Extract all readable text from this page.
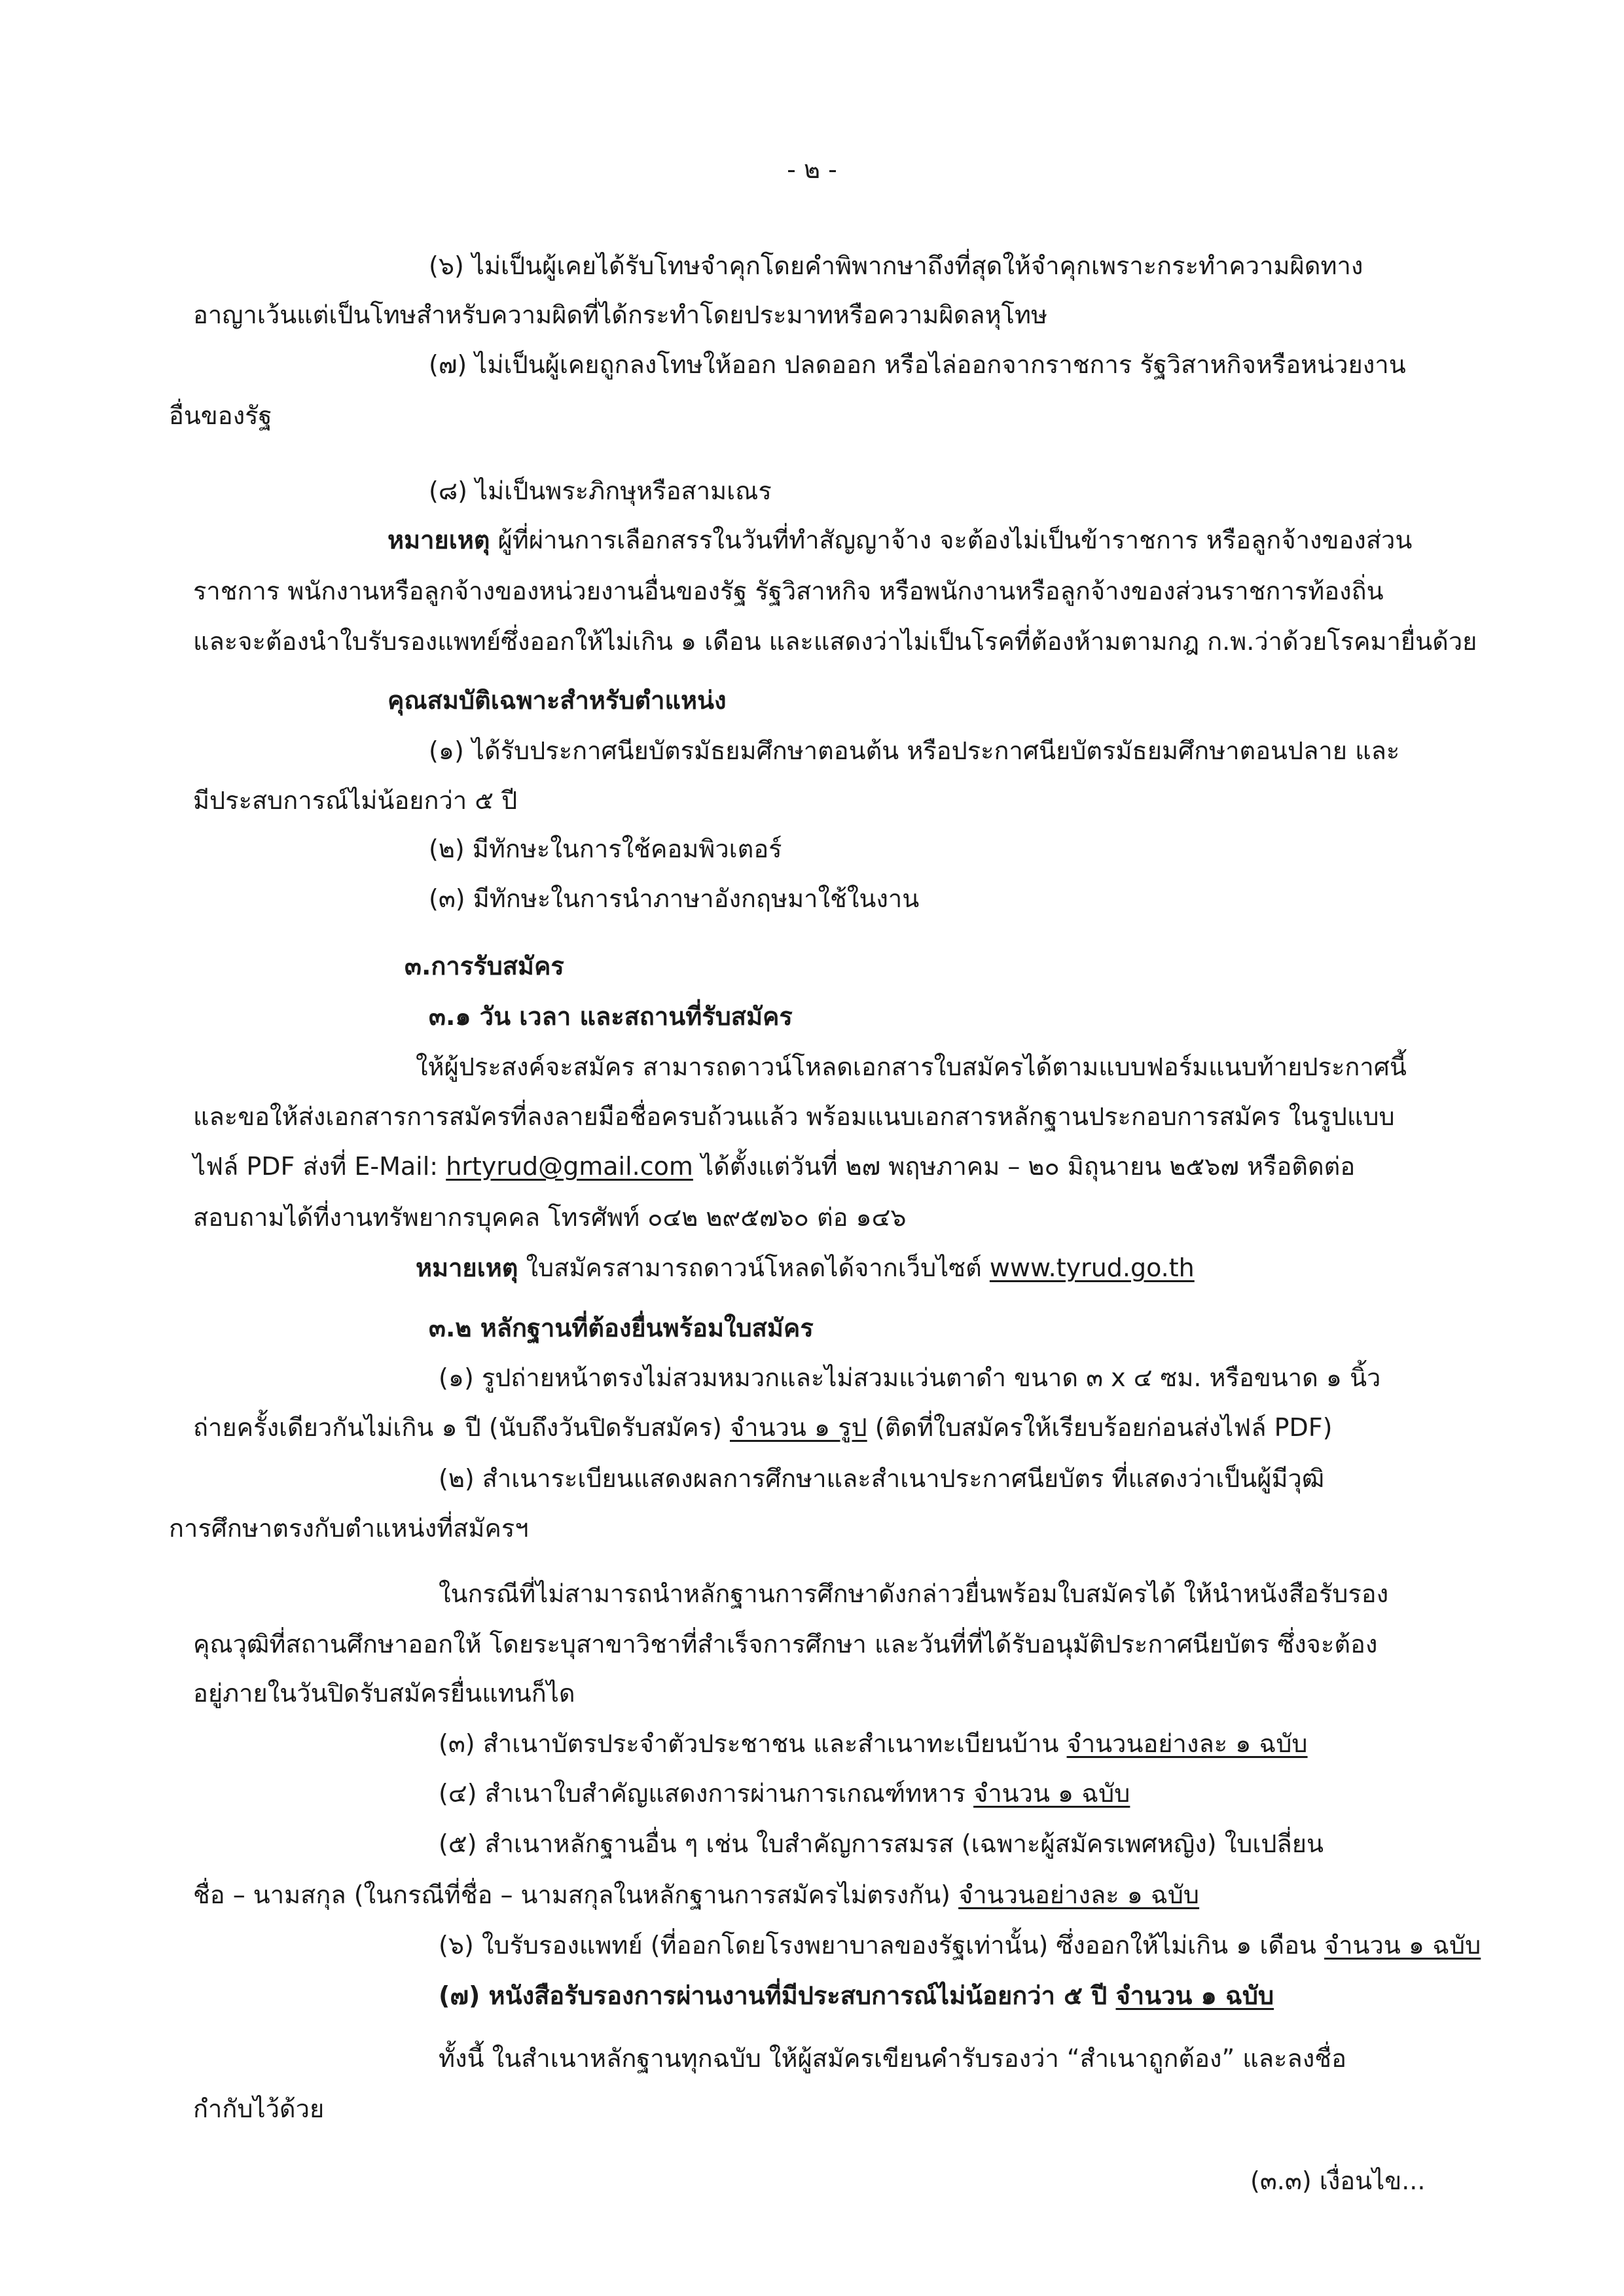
- ๒ -
(๖) ไม่เป็นผู้เคยได้รับโทษจำคุกโดยคำพิพากษาถึงที่สุดให้จำคุกเพราะกระทำความผิดทาง
อาญาเว้นแต่เป็นโทษสำหรับความผิดที่ได้กระทำโดยประมาทหรือความผิดลหุโทษ
(๗) ไม่เป็นผู้เคยถูกลงโทษให้ออก ปลดออก หรือไล่ออกจากราชการ รัฐวิสาหกิจหรือหน่วยงาน
อื่นของรัฐ
(๘) ไม่เป็นพระภิกษุหรือสามเณร
หมายเหตุ ผู้ที่ผ่านการเลือกสรรในวันที่ทำสัญญาจ้าง จะต้องไม่เป็นข้าราชการ หรือลูกจ้างของส่วน
ราชการ พนักงานหรือลูกจ้างของหน่วยงานอื่นของรัฐ รัฐวิสาหกิจ หรือพนักงานหรือลูกจ้างของส่วนราชการท้องถิ่น
และจะต้องนำใบรับรองแพทย์ซึ่งออกให้ไม่เกิน ๑ เดือน และแสดงว่าไม่เป็นโรคที่ต้องห้ามตามกฎ ก.พ.ว่าด้วยโรคมายื่นด้วย
คุณสมบัติเฉพาะสำหรับตำแหน่ง
(๑) ได้รับประกาศนียบัตรมัธยมศึกษาตอนต้น หรือประกาศนียบัตรมัธยมศึกษาตอนปลาย และ
มีประสบการณ์ไม่น้อยกว่า ๕ ปี
(๒) มีทักษะในการใช้คอมพิวเตอร์
(๓) มีทักษะในการนำภาษาอังกฤษมาใช้ในงาน
๓.การรับสมัคร
๓.๑ วัน เวลา และสถานที่รับสมัคร
ให้ผู้ประสงค์จะสมัคร สามารถดาวน์โหลดเอกสารใบสมัครได้ตามแบบฟอร์มแนบท้ายประกาศนี้
และขอให้ส่งเอกสารการสมัครที่ลงลายมือชื่อครบถ้วนแล้ว พร้อมแนบเอกสารหลักฐานประกอบการสมัคร ในรูปแบบ
ไฟล์ PDF ส่งที่ E-Mail: hrtyrud@gmail.com ได้ตั้งแต่วันที่ ๒๗ พฤษภาคม – ๒๐ มิถุนายน ๒๕๖๗ หรือติดต่อ
สอบถามได้ที่งานทรัพยากรบุคคล โทรศัพท์ ๐๔๒ ๒๙๕๗๖๐ ต่อ ๑๔๖
หมายเหตุ ใบสมัครสามารถดาวน์โหลดได้จากเว็บไซต์ www.tyrud.go.th
๓.๒ หลักฐานที่ต้องยื่นพร้อมใบสมัคร
(๑) รูปถ่ายหน้าตรงไม่สวมหมวกและไม่สวมแว่นตาดำ ขนาด ๓ x ๔ ซม. หรือขนาด ๑ นิ้ว
ถ่ายครั้งเดียวกันไม่เกิน ๑ ปี (นับถึงวันปิดรับสมัคร) จำนวน ๑ รูป (ติดที่ใบสมัครให้เรียบร้อยก่อนส่งไฟล์ PDF)
(๒) สำเนาระเบียนแสดงผลการศึกษาและสำเนาประกาศนียบัตร ที่แสดงว่าเป็นผู้มีวุฒิ
การศึกษาตรงกับตำแหน่งที่สมัครฯ
ในกรณีที่ไม่สามารถนำหลักฐานการศึกษาดังกล่าวยื่นพร้อมใบสมัครได้ ให้นำหนังสือรับรอง
คุณวุฒิที่สถานศึกษาออกให้ โดยระบุสาขาวิชาที่สำเร็จการศึกษา และวันที่ที่ได้รับอนุมัติประกาศนียบัตร ซึ่งจะต้อง
อยู่ภายในวันปิดรับสมัครยื่นแทนก็ได
(๓) สำเนาบัตรประจำตัวประชาชน และสำเนาทะเบียนบ้าน จำนวนอย่างละ ๑ ฉบับ
(๔) สำเนาใบสำคัญแสดงการผ่านการเกณฑ์ทหาร จำนวน ๑ ฉบับ
(๕) สำเนาหลักฐานอื่น ๆ เช่น ใบสำคัญการสมรส (เฉพาะผู้สมัครเพศหญิง) ใบเปลี่ยน
ชื่อ – นามสกุล (ในกรณีที่ชื่อ – นามสกุลในหลักฐานการสมัครไม่ตรงกัน) จำนวนอย่างละ ๑ ฉบับ
(๖) ใบรับรองแพทย์ (ที่ออกโดยโรงพยาบาลของรัฐเท่านั้น) ซึ่งออกให้ไม่เกิน ๑ เดือน จำนวน ๑ ฉบับ
(๗) หนังสือรับรองการผ่านงานที่มีประสบการณ์ไม่น้อยกว่า ๕ ปี จำนวน ๑ ฉบับ
ทั้งนี้ ในสำเนาหลักฐานทุกฉบับ ให้ผู้สมัครเขียนคำรับรองว่า “สำเนาถูกต้อง” และลงชื่อ
กำกับไว้ด้วย
(๓.๓) เงื่อนไข...
